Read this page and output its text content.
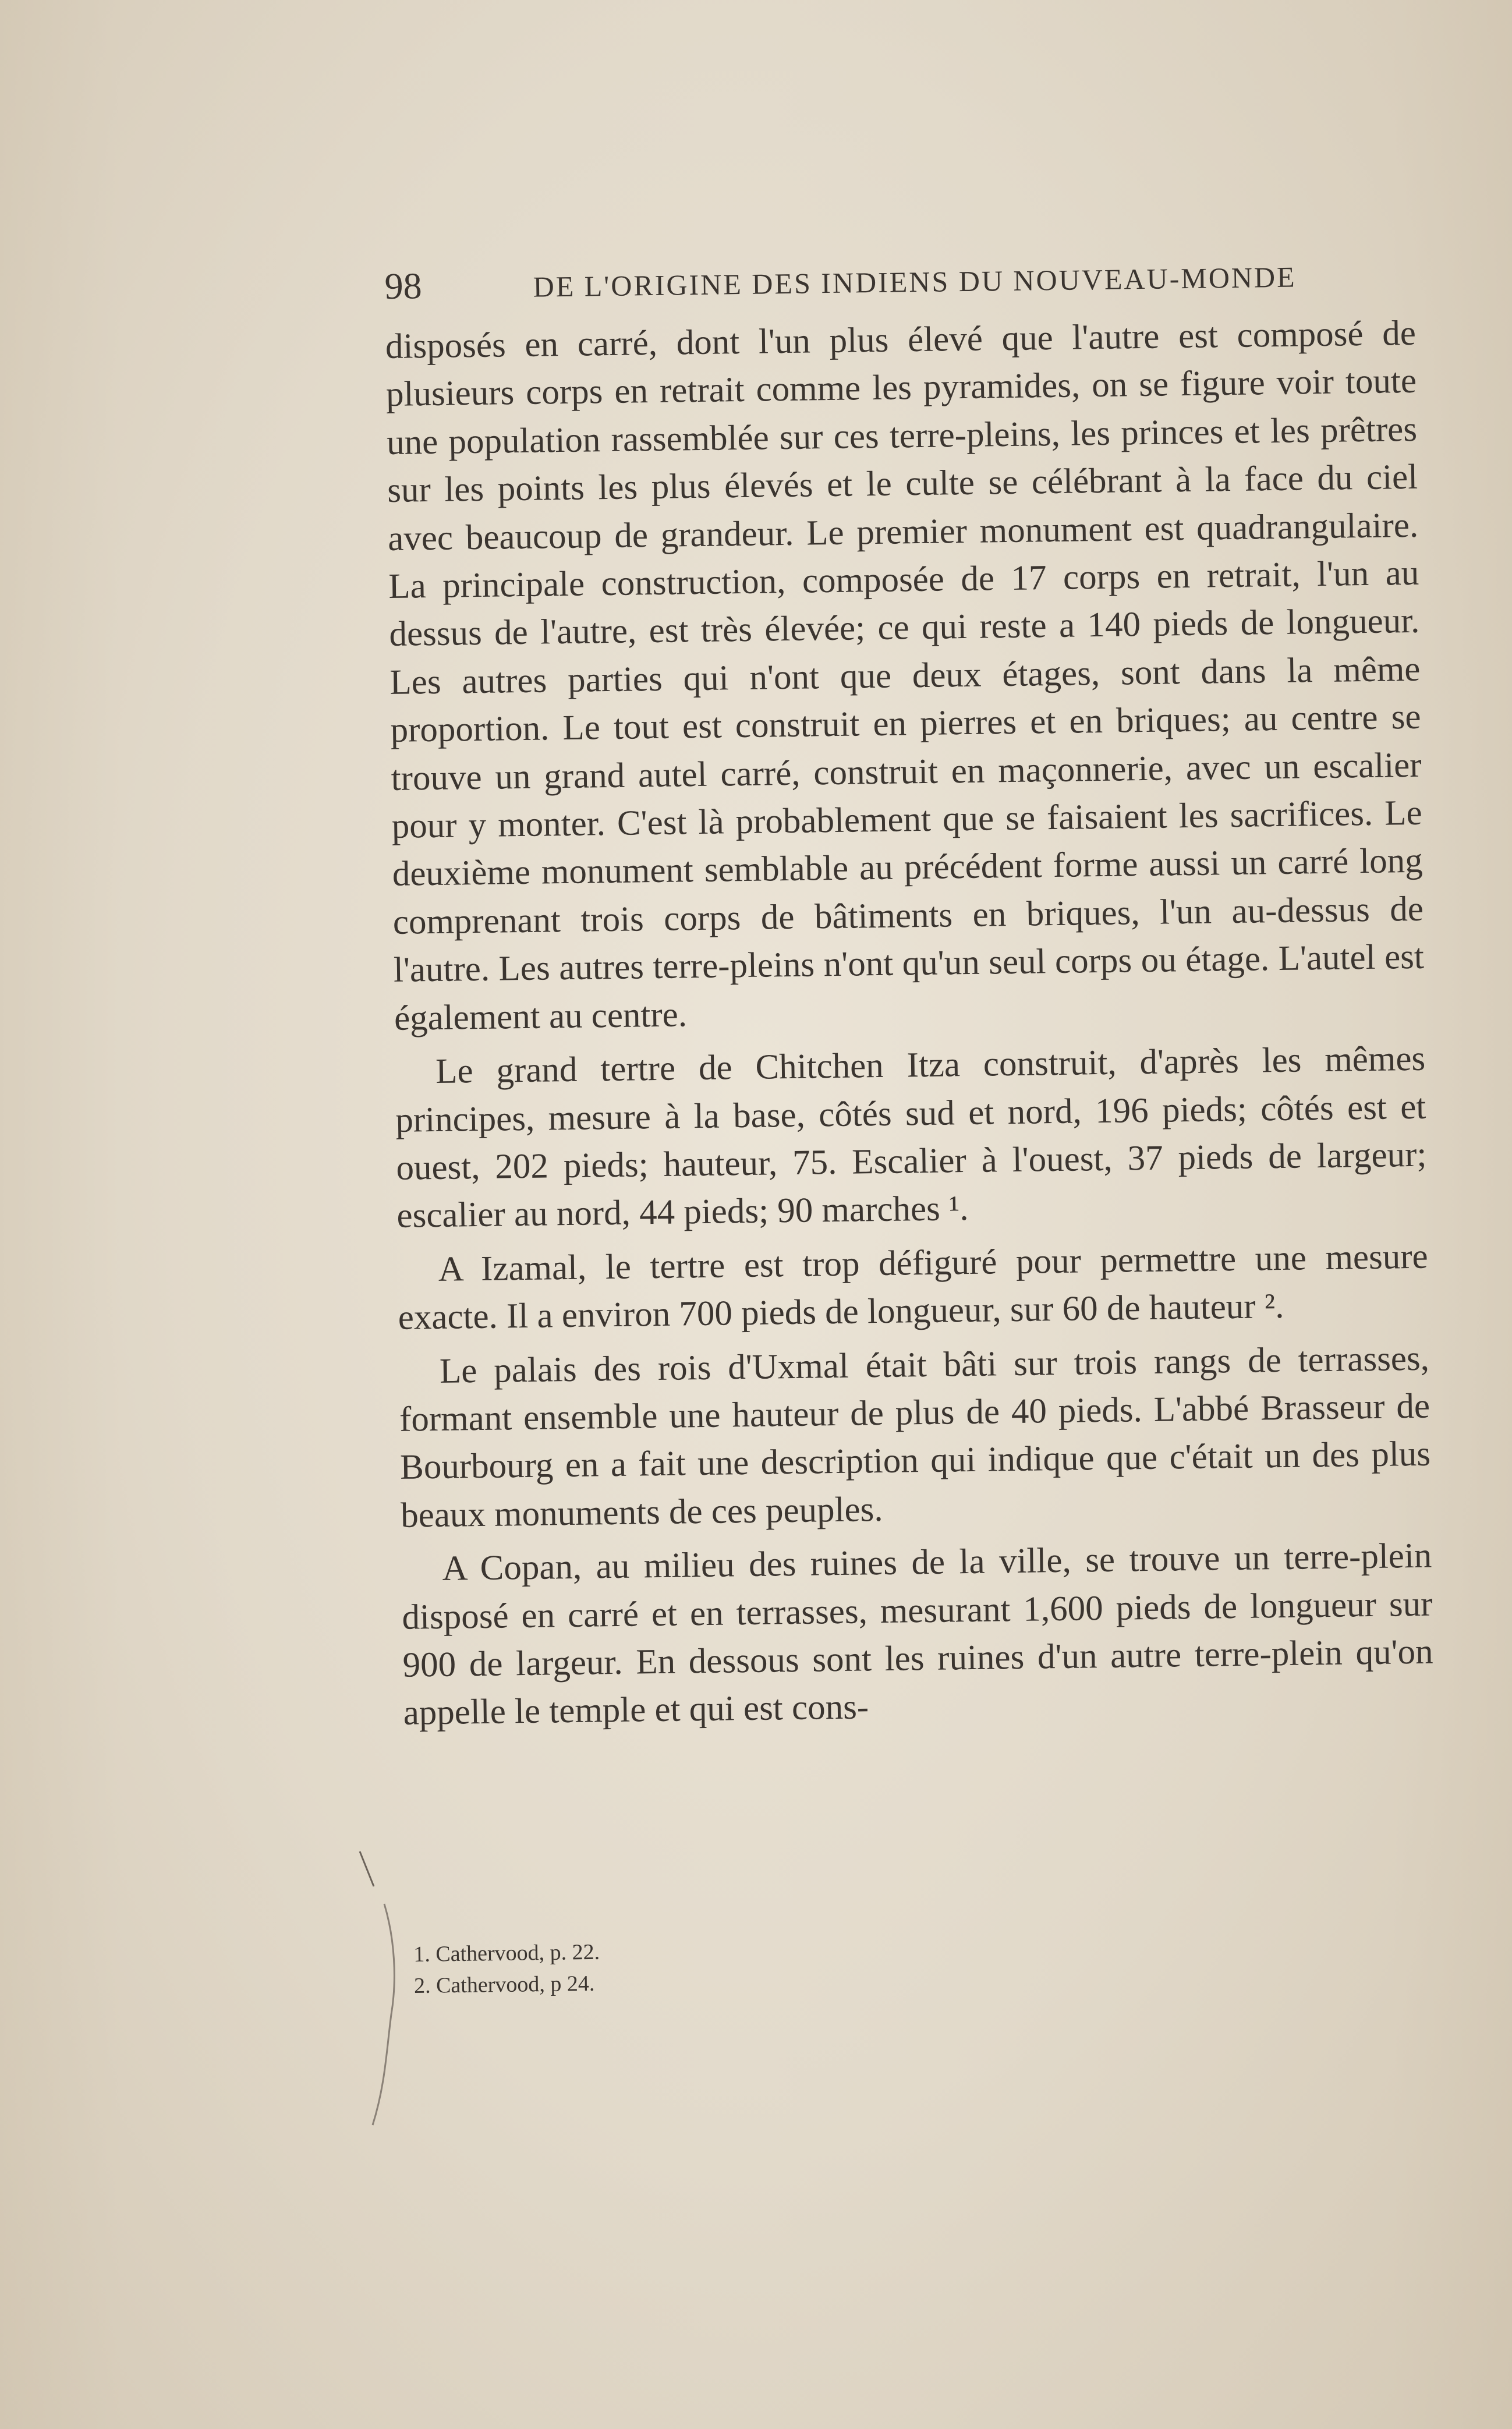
98	DE L'ORIGINE DES INDIENS DU NOUVEAU-MONDE

disposés en carré, dont l'un plus élevé que l'autre est composé de plusieurs corps en retrait comme les pyramides, on se figure voir toute une population rassemblée sur ces terre-pleins, les princes et les prêtres sur les points les plus élevés et le culte se célébrant à la face du ciel avec beaucoup de grandeur. Le premier monument est quadrangulaire. La principale construction, composée de 17 corps en retrait, l'un au dessus de l'autre, est très élevée; ce qui reste a 140 pieds de longueur. Les autres parties qui n'ont que deux étages, sont dans la même proportion. Le tout est construit en pierres et en briques; au centre se trouve un grand autel carré, construit en maçonnerie, avec un escalier pour y monter. C'est là probablement que se faisaient les sacrifices. Le deuxième monument semblable au précédent forme aussi un carré long comprenant trois corps de bâtiments en briques, l'un au-dessus de l'autre. Les autres terre-pleins n'ont qu'un seul corps ou étage. L'autel est également au centre.

Le grand tertre de Chitchen Itza construit, d'après les mêmes principes, mesure à la base, côtés sud et nord, 196 pieds; côtés est et ouest, 202 pieds; hauteur, 75. Escalier à l'ouest, 37 pieds de largeur; escalier au nord, 44 pieds; 90 marches ¹.

A Izamal, le tertre est trop défiguré pour permettre une mesure exacte. Il a environ 700 pieds de longueur, sur 60 de hauteur ².

Le palais des rois d'Uxmal était bâti sur trois rangs de terrasses, formant ensemble une hauteur de plus de 40 pieds. L'abbé Brasseur de Bourbourg en a fait une description qui indique que c'était un des plus beaux monuments de ces peuples.

A Copan, au milieu des ruines de la ville, se trouve un terre-plein disposé en carré et en terrasses, mesurant 1,600 pieds de longueur sur 900 de largeur. En dessous sont les ruines d'un autre terre-plein qu'on appelle le temple et qui est cons-

1. Cathervood, p. 22.
2. Cathervood, p 24.
